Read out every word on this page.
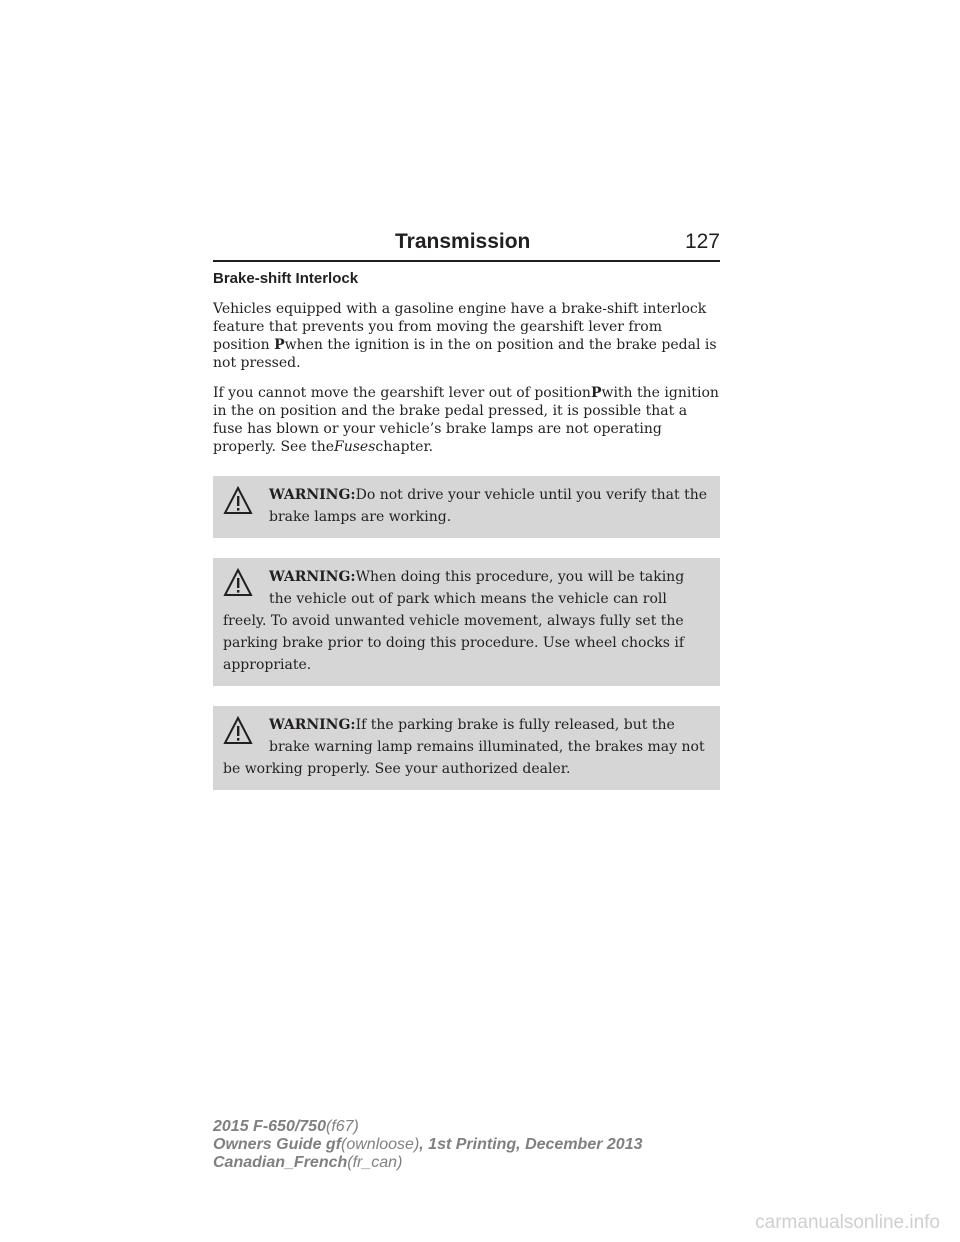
Transmission	127
Brake-shift Interlock

Vehicles equipped with a gasoline engine have a brake-shift interlock feature that prevents you from moving the gearshift lever from position Pwhen the ignition is in the on position and the brake pedal is not pressed.

If you cannot move the gearshift lever out of positionPwith the ignition in the on position and the brake pedal pressed, it is possible that a fuse has blown or your vehicle’s brake lamps are not operating properly. See theFuseschapter.

WARNING:Do not drive your vehicle until you verify that the brake lamps are working.
WARNING:When doing this procedure, you will be taking the vehicle out of park which means the vehicle can roll freely. To avoid unwanted vehicle movement, always fully set the parking brake prior to doing this procedure. Use wheel chocks if appropriate.
WARNING:If the parking brake is fully released, but the brake warning lamp remains illuminated, the brakes may not be working properly. See your authorized dealer.
2015 F-650/750(f67)
Owners Guide gf(ownloose), 1st Printing, December 2013
Canadian_French(fr_can)
carmanualsonline.info
